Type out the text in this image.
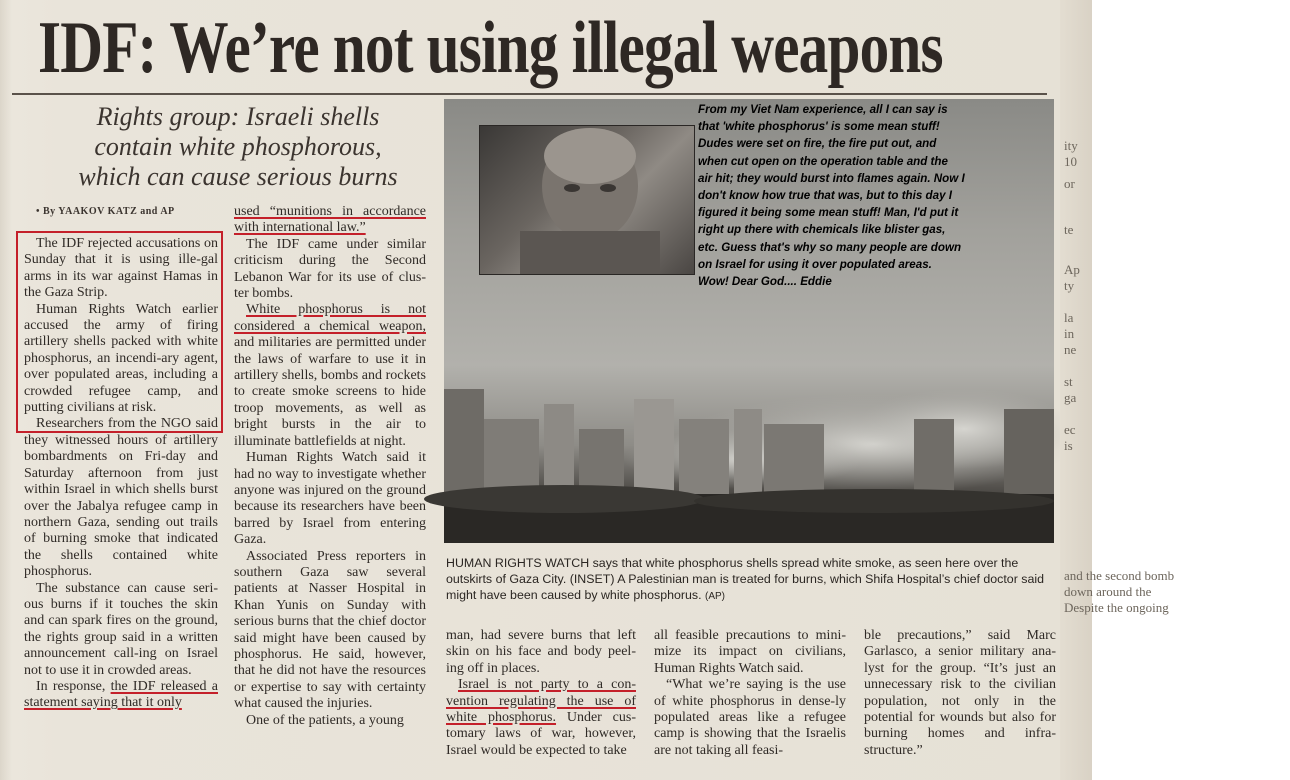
IDF: We’re not using illegal weapons
Rights group: Israeli shells
contain white phosphorous,
which can cause serious burns
• By YAAKOV KATZ and AP

The IDF rejected accusations on Sunday that it is using ille-gal arms in its war against Hamas in the Gaza Strip.

Human Rights Watch earlier accused the army of firing artillery shells packed with white phosphorus, an incendi-ary agent, over populated areas, including a crowded refugee camp, and putting civilians at risk.

Researchers from the NGO said they witnessed hours of artillery bombardments on Fri-day and Saturday afternoon from just within Israel in which shells burst over the Jabalya refugee camp in northern Gaza, sending out trails of burning smoke that indicated the shells contained white phosphorus.

The substance can cause seri-ous burns if it touches the skin and can spark fires on the ground, the rights group said in a written announcement call-ing on Israel not to use it in crowded areas.

In response, the IDF released a statement saying that it only

used “munitions in accordance with international law.”

The IDF came under similar criticism during the Second Lebanon War for its use of clus-ter bombs.

White phosphorus is not considered a chemical weapon, and militaries are permitted under the laws of warfare to use it in artillery shells, bombs and rockets to create smoke screens to hide troop movements, as well as bright bursts in the air to illuminate battlefields at night.

Human Rights Watch said it had no way to investigate whether anyone was injured on the ground because its researchers have been barred by Israel from entering Gaza.

Associated Press reporters in southern Gaza saw several patients at Nasser Hospital in Khan Yunis on Sunday with serious burns that the chief doctor said might have been caused by phosphorus. He said, however, that he did not have the resources or expertise to say with certainty what caused the injuries.

One of the patients, a young

From my Viet Nam experience, all I can say is
that 'white phosphorus' is some mean stuff!
Dudes were set on fire, the fire put out, and
when cut open on the operation table and the
air hit; they would burst into flames again. Now I
don't know how true that was, but to this day I
figured it being some mean stuff! Man, I'd put it
right up there with chemicals like blister gas,
etc. Guess that's why so many people are down
on Israel for using it over populated areas.
Wow! Dear God.... Eddie
HUMAN RIGHTS WATCH says that white phosphorus shells spread white smoke, as seen here over the outskirts of Gaza City. (INSET) A Palestinian man is treated for burns, which Shifa Hospital’s chief doctor said might have been caused by white phosphorus. (AP)

man, had severe burns that left skin on his face and body peel-ing off in places.

Israel is not party to a con-vention regulating the use of white phosphorus. Under cus-tomary laws of war, however, Israel would be expected to take

all feasible precautions to mini-mize its impact on civilians, Human Rights Watch said.

“What we’re saying is the use of white phosphorus in dense-ly populated areas like a refugee camp is showing that the Israelis are not taking all feasi-

ble precautions,” said Marc Garlasco, a senior military ana-lyst for the group. “It’s just an unnecessary risk to the civilian population, not only in the potential for wounds but also for burning homes and infra-structure.”

ity
10
or
te
Ap
ty
la
in
ne
st
ga
ec
is
and the second bomb
down around the
Despite the ongoing
